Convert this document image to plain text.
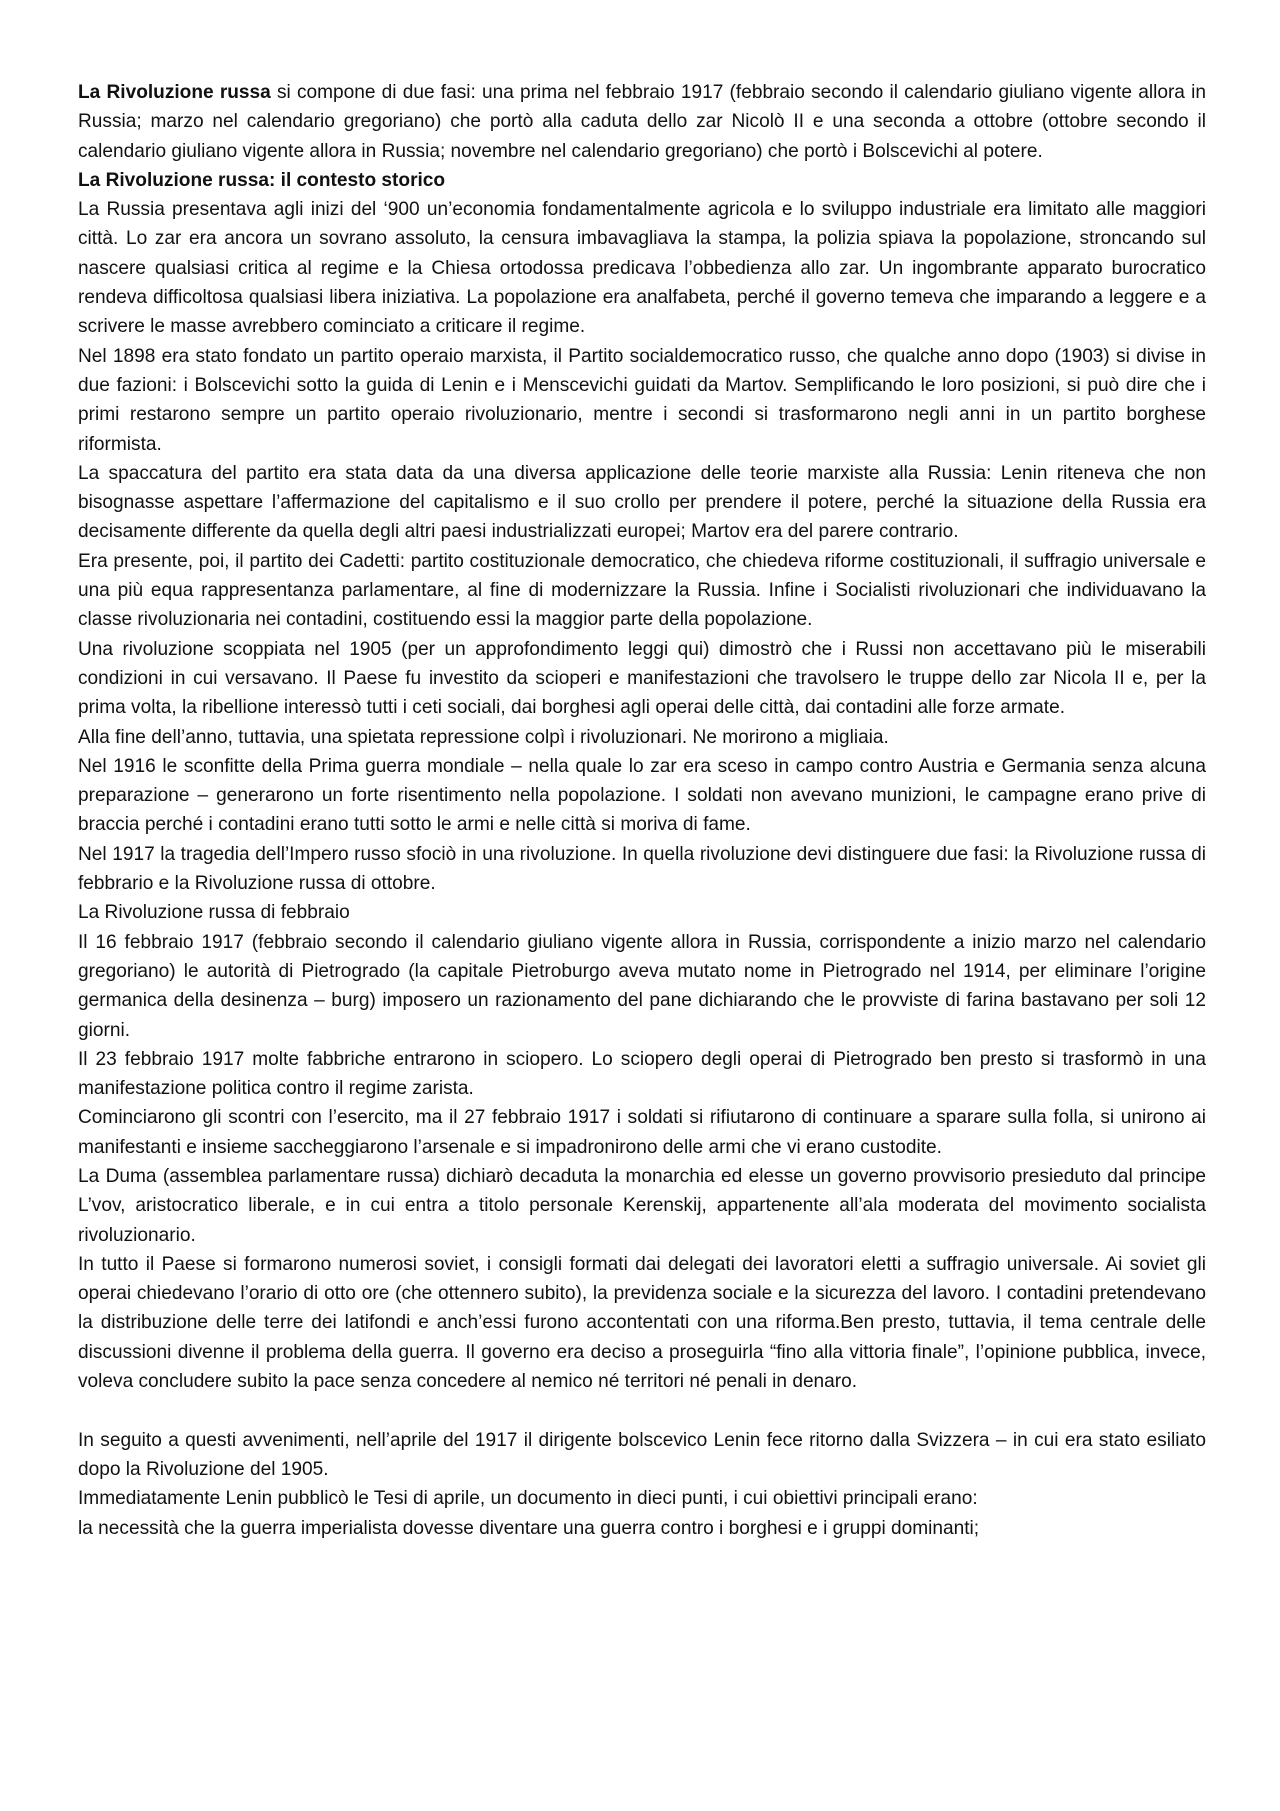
La Rivoluzione russa si compone di due fasi: una prima nel febbraio 1917 (febbraio secondo il calendario giuliano vigente allora in Russia; marzo nel calendario gregoriano) che portò alla caduta dello zar Nicolò II e una seconda a ottobre (ottobre secondo il calendario giuliano vigente allora in Russia; novembre nel calendario gregoriano) che portò i Bolscevichi al potere.

La Rivoluzione russa: il contesto storico

La Russia presentava agli inizi del ‘900 un’economia fondamentalmente agricola e lo sviluppo industriale era limitato alle maggiori città. Lo zar era ancora un sovrano assoluto, la censura imbavagliava la stampa, la polizia spiava la popolazione, stroncando sul nascere qualsiasi critica al regime e la Chiesa ortodossa predicava l’obbedienza allo zar. Un ingombrante apparato burocratico rendeva difficoltosa qualsiasi libera iniziativa. La popolazione era analfabeta, perché il governo temeva che imparando a leggere e a scrivere le masse avrebbero cominciato a criticare il regime.

Nel 1898 era stato fondato un partito operaio marxista, il Partito socialdemocratico russo, che qualche anno dopo (1903) si divise in due fazioni: i Bolscevichi sotto la guida di Lenin e i Menscevichi guidati da Martov. Semplificando le loro posizioni, si può dire che i primi restarono sempre un partito operaio rivoluzionario, mentre i secondi si trasformarono negli anni in un partito borghese riformista.

La spaccatura del partito era stata data da una diversa applicazione delle teorie marxiste alla Russia: Lenin riteneva che non bisognasse aspettare l’affermazione del capitalismo e il suo crollo per prendere il potere, perché la situazione della Russia era decisamente differente da quella degli altri paesi industrializzati europei; Martov era del parere contrario.

Era presente, poi, il partito dei Cadetti: partito costituzionale democratico, che chiedeva riforme costituzionali, il suffragio universale e una più equa rappresentanza parlamentare, al fine di modernizzare la Russia. Infine i Socialisti rivoluzionari che individuavano la classe rivoluzionaria nei contadini, costituendo essi la maggior parte della popolazione.

Una rivoluzione scoppiata nel 1905 (per un approfondimento leggi qui) dimostrò che i Russi non accettavano più le miserabili condizioni in cui versavano. Il Paese fu investito da scioperi e manifestazioni che travolsero le truppe dello zar Nicola II e, per la prima volta, la ribellione interessò tutti i ceti sociali, dai borghesi agli operai delle città, dai contadini alle forze armate.

Alla fine dell’anno, tuttavia, una spietata repressione colpì i rivoluzionari. Ne morirono a migliaia.

Nel 1916 le sconfitte della Prima guerra mondiale – nella quale lo zar era sceso in campo contro Austria e Germania senza alcuna preparazione – generarono un forte risentimento nella popolazione. I soldati non avevano munizioni, le campagne erano prive di braccia perché i contadini erano tutti sotto le armi e nelle città si moriva di fame.

Nel 1917 la tragedia dell’Impero russo sfociò in una rivoluzione. In quella rivoluzione devi distinguere due fasi: la Rivoluzione russa di febbrario e la Rivoluzione russa di ottobre.

La Rivoluzione russa di febbraio

Il 16 febbraio 1917 (febbraio secondo il calendario giuliano vigente allora in Russia, corrispondente a inizio marzo nel calendario gregoriano) le autorità di Pietrogrado (la capitale Pietroburgo aveva mutato nome in Pietrogrado nel 1914, per eliminare l’origine germanica della desinenza – burg) imposero un razionamento del pane dichiarando che le provviste di farina bastavano per soli 12 giorni.

Il 23 febbraio 1917 molte fabbriche entrarono in sciopero. Lo sciopero degli operai di Pietrogrado ben presto si trasformò in una manifestazione politica contro il regime zarista.

Cominciarono gli scontri con l’esercito, ma il 27 febbraio 1917 i soldati si rifiutarono di continuare a sparare sulla folla, si unirono ai manifestanti e insieme saccheggiarono l’arsenale e si impadronirono delle armi che vi erano custodite.

La Duma (assemblea parlamentare russa) dichiarò decaduta la monarchia ed elesse un governo provvisorio presieduto dal principe L’vov, aristocratico liberale, e in cui entra a titolo personale Kerenskij, appartenente all’ala moderata del movimento socialista rivoluzionario.

In tutto il Paese si formarono numerosi soviet, i consigli formati dai delegati dei lavoratori eletti a suffragio universale. Ai soviet gli operai chiedevano l’orario di otto ore (che ottennero subito), la previdenza sociale e la sicurezza del lavoro. I contadini pretendevano la distribuzione delle terre dei latifondi e anch’essi furono accontentati con una riforma.Ben presto, tuttavia, il tema centrale delle discussioni divenne il problema della guerra. Il governo era deciso a proseguirla “fino alla vittoria finale”, l’opinione pubblica, invece, voleva concludere subito la pace senza concedere al nemico né territori né penali in denaro.

In seguito a questi avvenimenti, nell’aprile del 1917 il dirigente bolscevico Lenin fece ritorno dalla Svizzera – in cui era stato esiliato dopo la Rivoluzione del 1905.

Immediatamente Lenin pubblicò le Tesi di aprile, un documento in dieci punti, i cui obiettivi principali erano:

la necessità che la guerra imperialista dovesse diventare una guerra contro i borghesi e i gruppi dominanti;
